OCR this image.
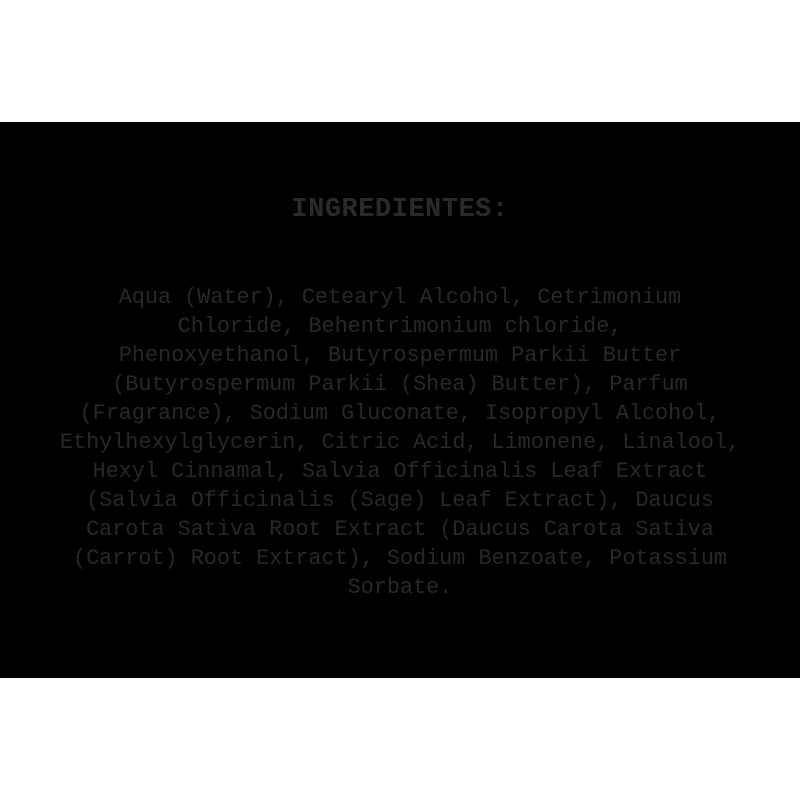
INGREDIENTES:
Aqua (Water), Cetearyl Alcohol, Cetrimonium
Chloride, Behentrimonium chloride,
Phenoxyethanol, Butyrospermum Parkii Butter
(Butyrospermum Parkii (Shea) Butter), Parfum
(Fragrance), Sodium Gluconate, Isopropyl Alcohol,
Ethylhexylglycerin, Citric Acid, Limonene, Linalool,
Hexyl Cinnamal, Salvia Officinalis Leaf Extract
(Salvia Officinalis (Sage) Leaf Extract), Daucus
Carota Sativa Root Extract (Daucus Carota Sativa
(Carrot) Root Extract), Sodium Benzoate, Potassium
Sorbate.
